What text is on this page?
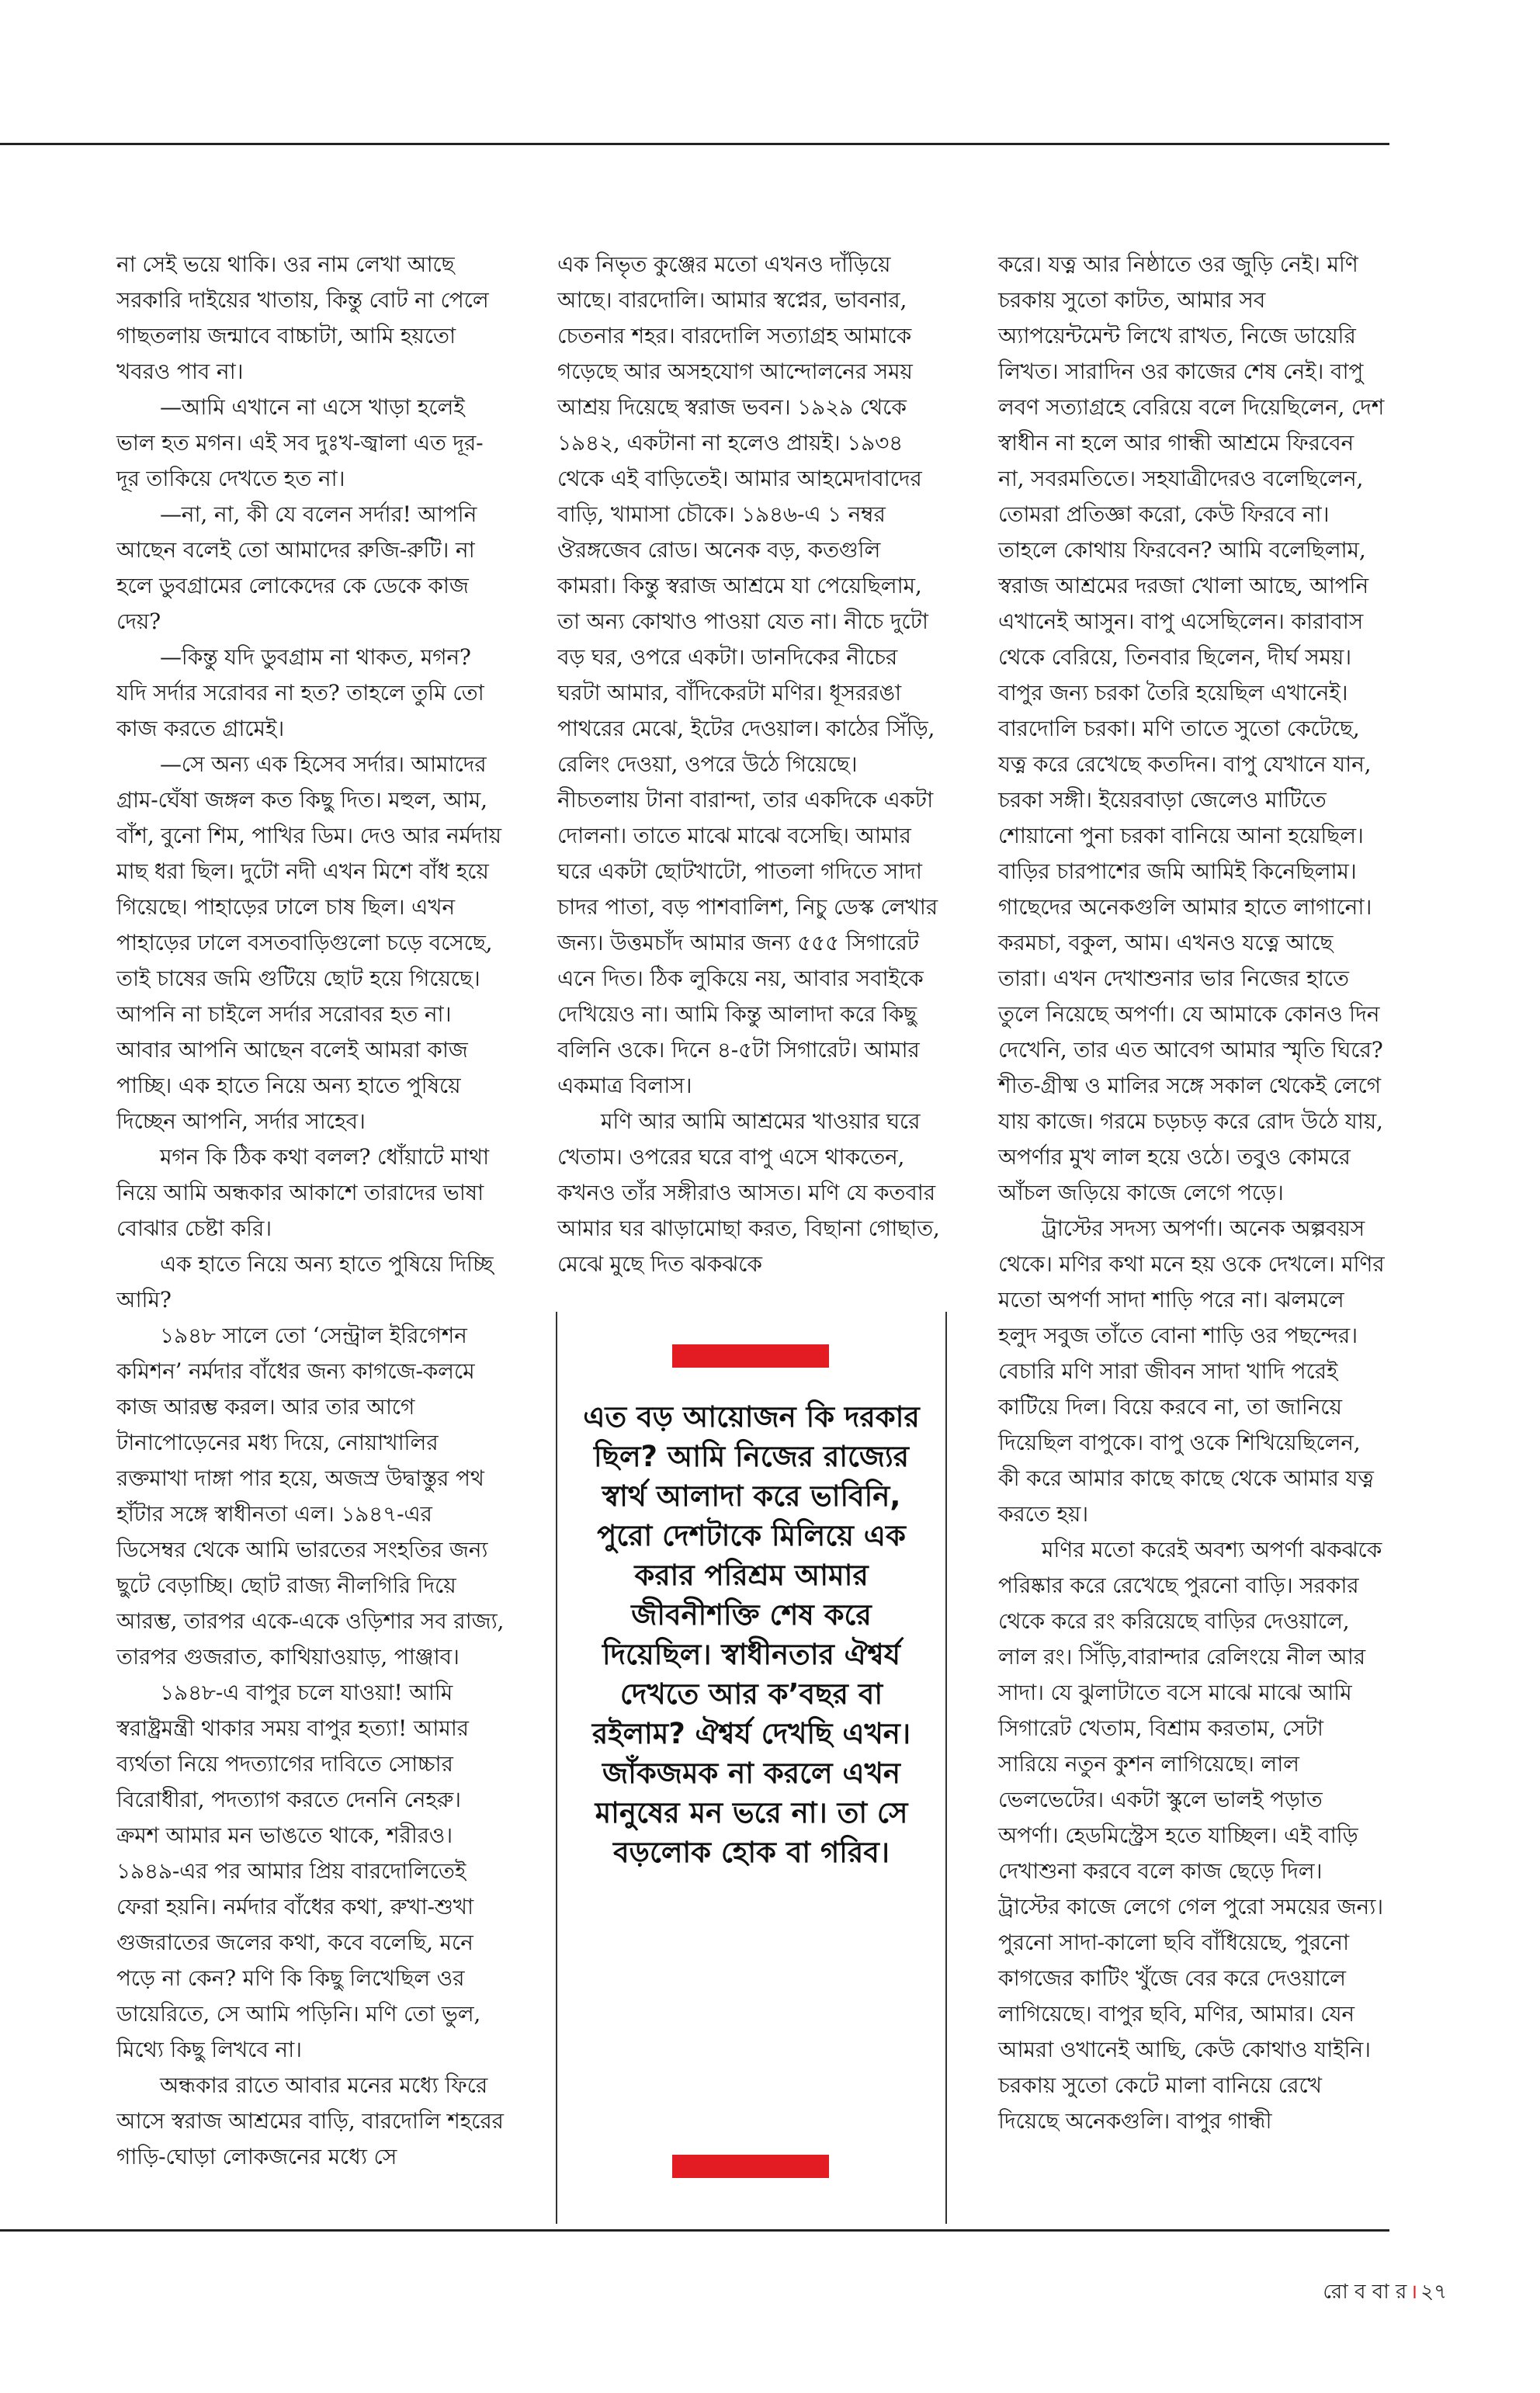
না সেই ভয়ে থাকি। ওর নাম লেখা আছে সরকারি দাইয়ের খাতায়, কিন্তু বোট না পেলে গাছতলায় জন্মাবে বাচ্চাটা, আমি হয়তো খবরও পাব না।

—আমি এখানে না এসে খাড়া হলেই ভাল হত মগন। এই সব দুঃখ-জ্বালা এত দূর-দূর তাকিয়ে দেখতে হত না।

—না, না, কী যে বলেন সর্দার! আপনি আছেন বলেই তো আমাদের রুজি-রুটি। না হলে ডুবগ্রামের লোকেদের কে ডেকে কাজ দেয়?

—কিন্তু যদি ডুবগ্রাম না থাকত, মগন? যদি সর্দার সরোবর না হত? তাহলে তুমি তো কাজ করতে গ্রামেই।

—সে অন্য এক হিসেব সর্দার। আমাদের গ্রাম-ঘেঁষা জঙ্গল কত কিছু দিত। মহুল, আম, বাঁশ, বুনো শিম, পাখির ডিম। দেও আর নর্মদায় মাছ ধরা ছিল। দুটো নদী এখন মিশে বাঁধ হয়ে গিয়েছে। পাহাড়ের ঢালে চাষ ছিল। এখন পাহাড়ের ঢালে বসতবাড়িগুলো চড়ে বসেছে, তাই চাষের জমি গুটিয়ে ছোট হয়ে গিয়েছে। আপনি না চাইলে সর্দার সরোবর হত না। আবার আপনি আছেন বলেই আমরা কাজ পাচ্ছি। এক হাতে নিয়ে অন্য হাতে পুষিয়ে দিচ্ছেন আপনি, সর্দার সাহেব।

মগন কি ঠিক কথা বলল? ধোঁয়াটে মাথা নিয়ে আমি অন্ধকার আকাশে তারাদের ভাষা বোঝার চেষ্টা করি।

এক হাতে নিয়ে অন্য হাতে পুষিয়ে দিচ্ছি আমি?

১৯৪৮ সালে তো ‘সেন্ট্রাল ইরিগেশন কমিশন’ নর্মদার বাঁধের জন্য কাগজে-কলমে কাজ আরম্ভ করল। আর তার আগে টানাপোড়েনের মধ্য দিয়ে, নোয়াখালির রক্তমাখা দাঙ্গা পার হয়ে, অজস্র উদ্বাস্তুর পথ হাঁটার সঙ্গে স্বাধীনতা এল। ১৯৪৭-এর ডিসেম্বর থেকে আমি ভারতের সংহতির জন্য ছুটে বেড়াচ্ছি। ছোট রাজ্য নীলগিরি দিয়ে আরম্ভ, তারপর একে-একে ওড়িশার সব রাজ্য, তারপর গুজরাত, কাথিয়াওয়াড়, পাঞ্জাব।

১৯৪৮-এ বাপুর চলে যাওয়া! আমি স্বরাষ্ট্রমন্ত্রী থাকার সময় বাপুর হত্যা! আমার ব্যর্থতা নিয়ে পদত্যাগের দাবিতে সোচ্চার বিরোধীরা, পদত্যাগ করতে দেননি নেহরু। ক্রমশ আমার মন ভাঙতে থাকে, শরীরও। ১৯৪৯-এর পর আমার প্রিয় বারদোলিতেই ফেরা হয়নি। নর্মদার বাঁধের কথা, রুখা-শুখা গুজরাতের জলের কথা, কবে বলেছি, মনে পড়ে না কেন? মণি কি কিছু লিখেছিল ওর ডায়েরিতে, সে আমি পড়িনি। মণি তো ভুল, মিথ্যে কিছু লিখবে না।

অন্ধকার রাতে আবার মনের মধ্যে ফিরে আসে স্বরাজ আশ্রমের বাড়ি, বারদোলি শহরের গাড়ি-ঘোড়া লোকজনের মধ্যে সে

এক নিভৃত কুঞ্জের মতো এখনও দাঁড়িয়ে আছে। বারদোলি। আমার স্বপ্নের, ভাবনার, চেতনার শহর। বারদোলি সত্যাগ্রহ আমাকে গড়েছে আর অসহযোগ আন্দোলনের সময় আশ্রয় দিয়েছে স্বরাজ ভবন। ১৯২৯ থেকে ১৯৪২, একটানা না হলেও প্রায়ই। ১৯৩৪ থেকে এই বাড়িতেই। আমার আহমেদাবাদের বাড়ি, খামাসা চৌকে। ১৯৪৬-এ ১ নম্বর ঔরঙ্গজেব রোড। অনেক বড়, কতগুলি কামরা। কিন্তু স্বরাজ আশ্রমে যা পেয়েছিলাম, তা অন্য কোথাও পাওয়া যেত না। নীচে দুটো বড় ঘর, ওপরে একটা। ডানদিকের নীচের ঘরটা আমার, বাঁদিকেরটা মণির। ধূসররঙা পাথরের মেঝে, ইটের দেওয়াল। কাঠের সিঁড়ি, রেলিং দেওয়া, ওপরে উঠে গিয়েছে। নীচতলায় টানা বারান্দা, তার একদিকে একটা দোলনা। তাতে মাঝে মাঝে বসেছি। আমার ঘরে একটা ছোটখাটো, পাতলা গদিতে সাদা চাদর পাতা, বড় পাশবালিশ, নিচু ডেস্ক লেখার জন্য। উত্তমচাঁদ আমার জন্য ৫৫৫ সিগারেট এনে দিত। ঠিক লুকিয়ে নয়, আবার সবাইকে দেখিয়েও না। আমি কিন্তু আলাদা করে কিছু বলিনি ওকে। দিনে ৪-৫টা সিগারেট। আমার একমাত্র বিলাস।

মণি আর আমি আশ্রমের খাওয়ার ঘরে খেতাম। ওপরের ঘরে বাপু এসে থাকতেন, কখনও তাঁর সঙ্গীরাও আসত। মণি যে কতবার আমার ঘর ঝাড়ামোছা করত, বিছানা গোছাত, মেঝে মুছে দিত ঝকঝকে

এত বড় আয়োজন কি দরকার ছিল? আমি নিজের রাজ্যের স্বার্থ আলাদা করে ভাবিনি, পুরো দেশটাকে মিলিয়ে এক করার পরিশ্রম আমার জীবনীশক্তি শেষ করে দিয়েছিল। স্বাধীনতার ঐশ্বর্য দেখতে আর ক’বছর বা রইলাম? ঐশ্বর্য দেখছি এখন। জাঁকজমক না করলে এখন মানুষের মন ভরে না। তা সে বড়লোক হোক বা গরিব।

করে। যত্ন আর নিষ্ঠাতে ওর জুড়ি নেই। মণি চরকায় সুতো কাটত, আমার সব অ্যাপয়েন্টমেন্ট লিখে রাখত, নিজে ডায়েরি লিখত। সারাদিন ওর কাজের শেষ নেই। বাপু লবণ সত্যাগ্রহে বেরিয়ে বলে দিয়েছিলেন, দেশ স্বাধীন না হলে আর গান্ধী আশ্রমে ফিরবেন না, সবরমতিতে। সহযাত্রীদেরও বলেছিলেন, তোমরা প্রতিজ্ঞা করো, কেউ ফিরবে না। তাহলে কোথায় ফিরবেন? আমি বলেছিলাম, স্বরাজ আশ্রমের দরজা খোলা আছে, আপনি এখানেই আসুন। বাপু এসেছিলেন। কারাবাস থেকে বেরিয়ে, তিনবার ছিলেন, দীর্ঘ সময়। বাপুর জন্য চরকা তৈরি হয়েছিল এখানেই। বারদোলি চরকা। মণি তাতে সুতো কেটেছে, যত্ন করে রেখেছে কতদিন। বাপু যেখানে যান, চরকা সঙ্গী। ইয়েরবাড়া জেলেও মাটিতে শোয়ানো পুনা চরকা বানিয়ে আনা হয়েছিল। বাড়ির চারপাশের জমি আমিই কিনেছিলাম। গাছেদের অনেকগুলি আমার হাতে লাগানো। করমচা, বকুল, আম। এখনও যত্নে আছে তারা। এখন দেখাশুনার ভার নিজের হাতে তুলে নিয়েছে অপর্ণা। যে আমাকে কোনও দিন দেখেনি, তার এত আবেগ আমার স্মৃতি ঘিরে? শীত-গ্রীষ্ম ও মালির সঙ্গে সকাল থেকেই লেগে যায় কাজে। গরমে চড়চড় করে রোদ উঠে যায়, অপর্ণার মুখ লাল হয়ে ওঠে। তবুও কোমরে আঁচল জড়িয়ে কাজে লেগে পড়ে।

ট্রাস্টের সদস্য অপর্ণা। অনেক অল্পবয়স থেকে। মণির কথা মনে হয় ওকে দেখলে। মণির মতো অপর্ণা সাদা শাড়ি পরে না। ঝলমলে হলুদ সবুজ তাঁতে বোনা শাড়ি ওর পছন্দের। বেচারি মণি সারা জীবন সাদা খাদি পরেই কাটিয়ে দিল। বিয়ে করবে না, তা জানিয়ে দিয়েছিল বাপুকে। বাপু ওকে শিখিয়েছিলেন, কী করে আমার কাছে কাছে থেকে আমার যত্ন করতে হয়।

মণির মতো করেই অবশ্য অপর্ণা ঝকঝকে পরিষ্কার করে রেখেছে পুরনো বাড়ি। সরকার থেকে করে রং করিয়েছে বাড়ির দেওয়ালে, লাল রং। সিঁড়ি,বারান্দার রেলিংয়ে নীল আর সাদা। যে ঝুলাটাতে বসে মাঝে মাঝে আমি সিগারেট খেতাম, বিশ্রাম করতাম, সেটা সারিয়ে নতুন কুশন লাগিয়েছে। লাল ভেলভেটের। একটা স্কুলে ভালই পড়াত অপর্ণা। হেডমিস্ট্রেস হতে যাচ্ছিল। এই বাড়ি দেখাশুনা করবে বলে কাজ ছেড়ে দিল। ট্রাস্টের কাজে লেগে গেল পুরো সময়ের জন্য। পুরনো সাদা-কালো ছবি বাঁধিয়েছে, পুরনো কাগজের কাটিং খুঁজে বের করে দেওয়ালে লাগিয়েছে। বাপুর ছবি, মণির, আমার। যেন আমরা ওখানেই আছি, কেউ কোথাও যাইনি। চরকায় সুতো কেটে মালা বানিয়ে রেখে দিয়েছে অনেকগুলি। বাপুর গান্ধী

রো ব বা র । ২৭
